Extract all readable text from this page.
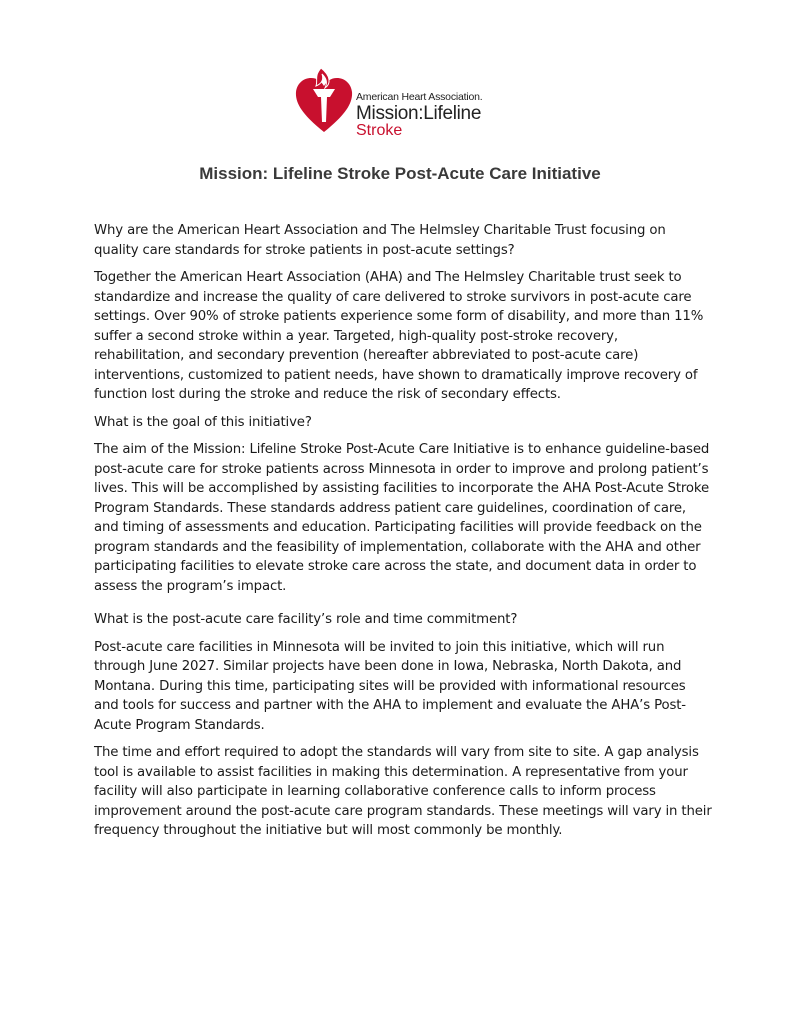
American Heart Association.
Mission:Lifeline
Stroke
Mission: Lifeline Stroke Post-Acute Care Initiative

Why are the American Heart Association and The Helmsley Charitable Trust focusing on quality care standards for stroke patients in post-acute settings?

Together the American Heart Association (AHA) and The Helmsley Charitable trust seek to standardize and increase the quality of care delivered to stroke survivors in post-acute care settings. Over 90% of stroke patients experience some form of disability, and more than 11% suffer a second stroke within a year. Targeted, high-quality post-stroke recovery, rehabilitation, and secondary prevention (hereafter abbreviated to post-acute care) interventions, customized to patient needs, have shown to dramatically improve recovery of function lost during the stroke and reduce the risk of secondary effects.

What is the goal of this initiative?

The aim of the Mission: Lifeline Stroke Post-Acute Care Initiative is to enhance guideline-based post-acute care for stroke patients across Minnesota in order to improve and prolong patient’s lives. This will be accomplished by assisting facilities to incorporate the AHA Post-Acute Stroke Program Standards. These standards address patient care guidelines, coordination of care, and timing of assessments and education. Participating facilities will provide feedback on the program standards and the feasibility of implementation, collaborate with the AHA and other participating facilities to elevate stroke care across the state, and document data in order to assess the program’s impact.

What is the post-acute care facility’s role and time commitment?

Post-acute care facilities in Minnesota will be invited to join this initiative, which will run through June 2027. Similar projects have been done in Iowa, Nebraska, North Dakota, and Montana. During this time, participating sites will be provided with informational resources and tools for success and partner with the AHA to implement and evaluate the AHA’s Post-Acute Program Standards.

The time and effort required to adopt the standards will vary from site to site. A gap analysis tool is available to assist facilities in making this determination. A representative from your facility will also participate in learning collaborative conference calls to inform process improvement around the post-acute care program standards. These meetings will vary in their frequency throughout the initiative but will most commonly be monthly.
